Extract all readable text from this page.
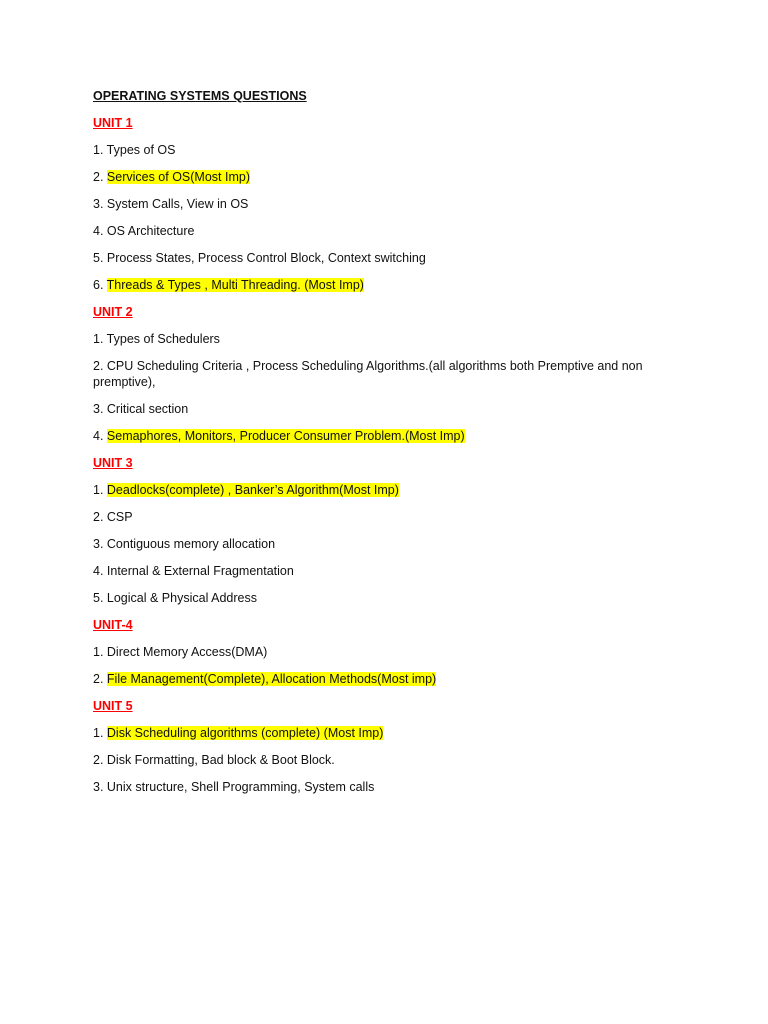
OPERATING SYSTEMS QUESTIONS
UNIT 1
1. Types of OS
2. Services of OS(Most Imp)
3. System Calls, View in OS
4. OS Architecture
5. Process States, Process Control Block, Context switching
6. Threads & Types , Multi Threading. (Most Imp)
UNIT 2
1. Types of Schedulers
2. CPU Scheduling Criteria , Process Scheduling Algorithms.(all algorithms both Premptive and non premptive),
3. Critical section
4. Semaphores, Monitors, Producer Consumer Problem.(Most Imp)
UNIT 3
1. Deadlocks(complete) , Banker’s Algorithm(Most Imp)
2. CSP
3. Contiguous memory allocation
4. Internal & External Fragmentation
5. Logical & Physical Address
UNIT-4
1. Direct Memory Access(DMA)
2. File Management(Complete), Allocation Methods(Most imp)
UNIT 5
1. Disk Scheduling algorithms (complete) (Most Imp)
2. Disk Formatting, Bad block & Boot Block.
3. Unix structure, Shell Programming, System calls
